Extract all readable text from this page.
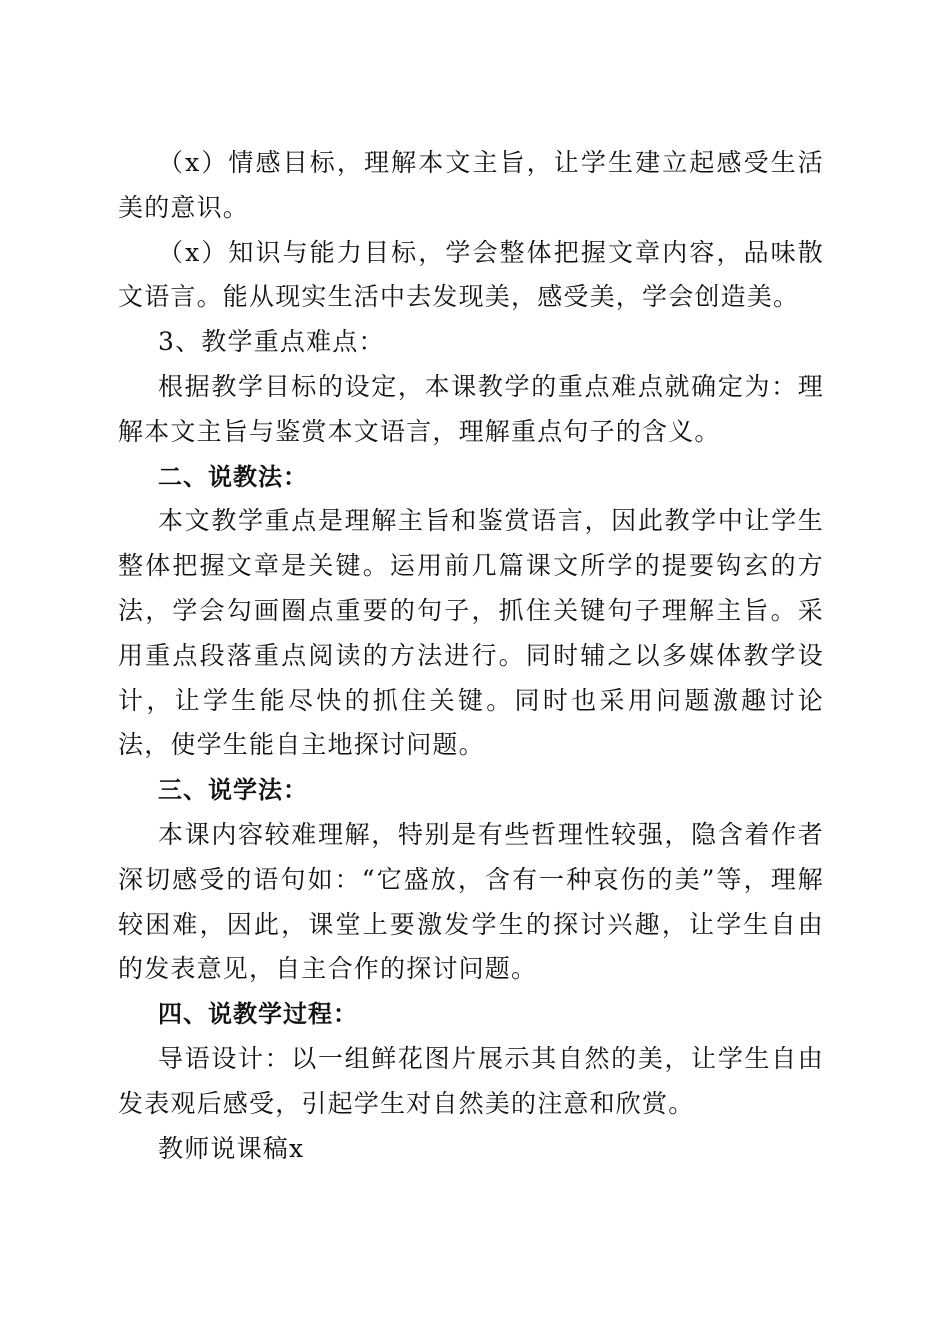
（x）情感目标，理解本文主旨，让学生建立起感受生活美的意识。

（x）知识与能力目标，学会整体把握文章内容，品味散文语言。能从现实生活中去发现美，感受美，学会创造美。

3、教学重点难点：

根据教学目标的设定，本课教学的重点难点就确定为：理解本文主旨与鉴赏本文语言，理解重点句子的含义。

二、说教法：

本文教学重点是理解主旨和鉴赏语言，因此教学中让学生整体把握文章是关键。运用前几篇课文所学的提要钩玄的方法，学会勾画圈点重要的句子，抓住关键句子理解主旨。采用重点段落重点阅读的方法进行。同时辅之以多媒体教学设计，让学生能尽快的抓住关键。同时也采用问题激趣讨论法，使学生能自主地探讨问题。

三、说学法：

本课内容较难理解，特别是有些哲理性较强，隐含着作者深切感受的语句如：“它盛放，含有一种哀伤的美”等，理解较困难，因此，课堂上要激发学生的探讨兴趣，让学生自由的发表意见，自主合作的探讨问题。

四、说教学过程：

导语设计：以一组鲜花图片展示其自然的美，让学生自由发表观后感受，引起学生对自然美的注意和欣赏。

教师说课稿x
